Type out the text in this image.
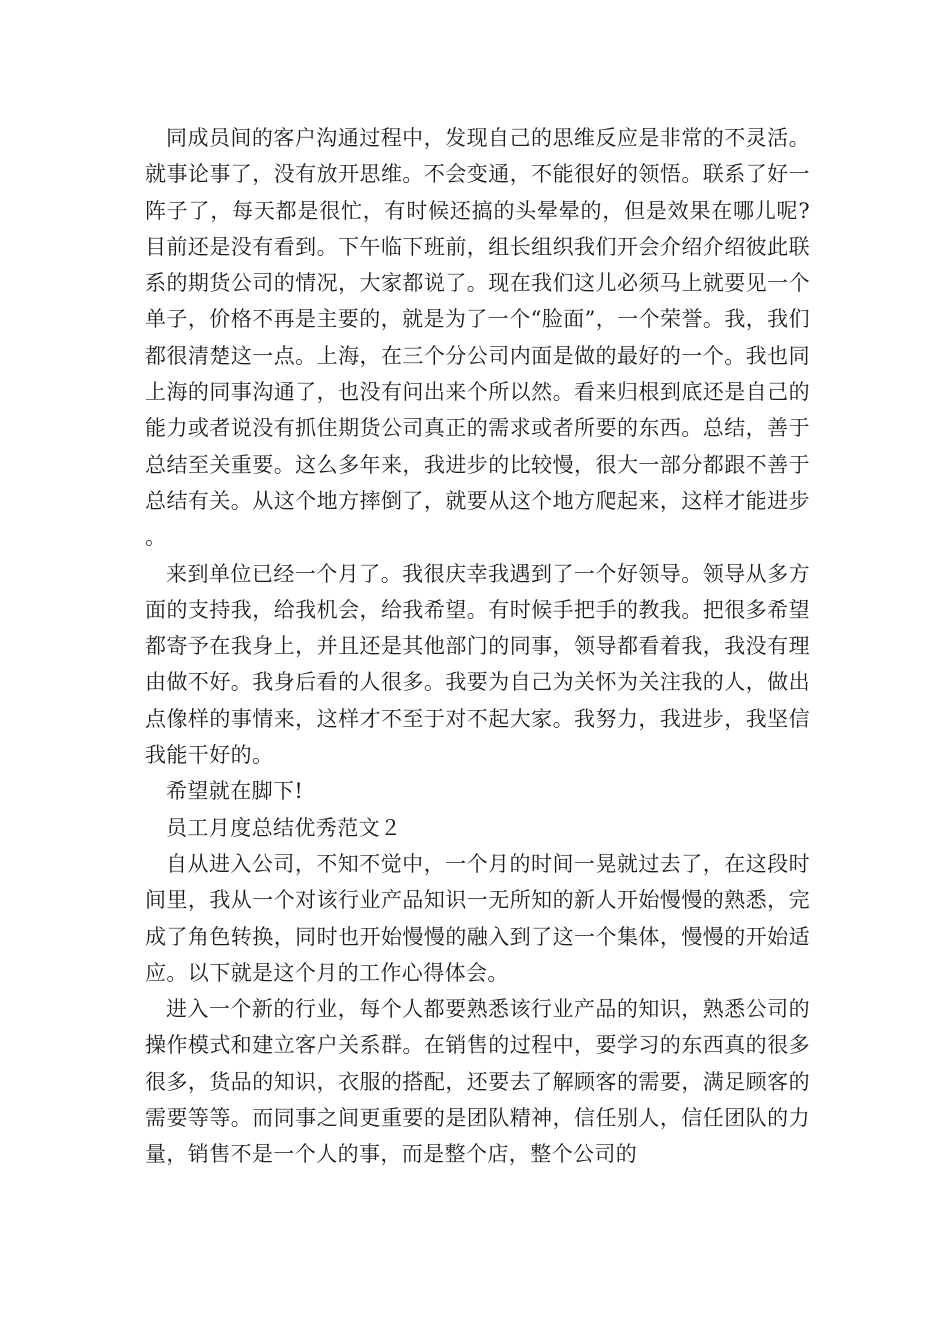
同成员间的客户沟通过程中，发现自己的思维反应是非常的不灵活。就事论事了，没有放开思维。不会变通，不能很好的领悟。联系了好一阵子了，每天都是很忙，有时候还搞的头晕晕的，但是效果在哪儿呢?目前还是没有看到。下午临下班前，组长组织我们开会介绍介绍彼此联系的期货公司的情况，大家都说了。现在我们这儿必须马上就要见一个单子，价格不再是主要的，就是为了一个“脸面”，一个荣誉。我，我们都很清楚这一点。上海，在三个分公司内面是做的最好的一个。我也同上海的同事沟通了，也没有问出来个所以然。看来归根到底还是自己的能力或者说没有抓住期货公司真正的需求或者所要的东西。总结，善于总结至关重要。这么多年来，我进步的比较慢，很大一部分都跟不善于总结有关。从这个地方摔倒了，就要从这个地方爬起来，这样才能进步。

来到单位已经一个月了。我很庆幸我遇到了一个好领导。领导从多方面的支持我，给我机会，给我希望。有时候手把手的教我。把很多希望都寄予在我身上，并且还是其他部门的同事，领导都看着我，我没有理由做不好。我身后看的人很多。我要为自己为关怀为关注我的人，做出点像样的事情来，这样才不至于对不起大家。我努力，我进步，我坚信我能干好的。

希望就在脚下!

员工月度总结优秀范文２

自从进入公司，不知不觉中，一个月的时间一晃就过去了，在这段时间里，我从一个对该行业产品知识一无所知的新人开始慢慢的熟悉，完成了角色转换，同时也开始慢慢的融入到了这一个集体，慢慢的开始适应。以下就是这个月的工作心得体会。

进入一个新的行业，每个人都要熟悉该行业产品的知识，熟悉公司的操作模式和建立客户关系群。在销售的过程中，要学习的东西真的很多很多，货品的知识，衣服的搭配，还要去了解顾客的需要，满足顾客的需要等等。而同事之间更重要的是团队精神，信任别人，信任团队的力量，销售不是一个人的事，而是整个店，整个公司的
